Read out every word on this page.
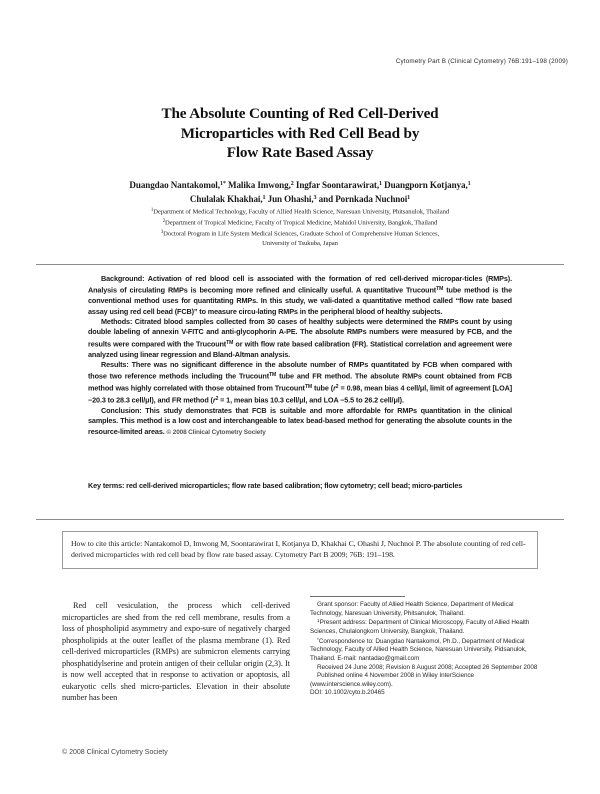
Cytometry Part B (Clinical Cytometry) 76B:191–198 (2009)
The Absolute Counting of Red Cell-Derived
Microparticles with Red Cell Bead by
Flow Rate Based Assay
Duangdao Nantakomol,$^{1*}$ Malika Imwong,$^2$ Ingfar Soontarawirat,$^1$ Duangporn Kotjanya,$^1$
Chulalak Khakhai,$^1$ Jun Ohashi,$^3$ and Pornkada Nuchnoi$^1$
$^1$Department of Medical Technology, Faculty of Allied Health Science, Naresuan University, Phitsanulok, Thailand
$^2$Department of Tropical Medicine, Faculty of Tropical Medicine, Mahidol University, Bangkok, Thailand
$^3$Doctoral Program in Life System Medical Sciences, Graduate School of Comprehensive Human Sciences,
University of Tsukuba, Japan

Background: Activation of red blood cell is associated with the formation of red cell-derived micropar-ticles (RMPs). Analysis of circulating RMPs is becoming more refined and clinically useful. A quantitative Trucount™ tube method is the conventional method uses for quantitating RMPs. In this study, we vali-dated a quantitative method called “flow rate based assay using red cell bead (FCB)” to measure circu-lating RMPs in the peripheral blood of healthy subjects.

Methods: Citrated blood samples collected from 30 cases of healthy subjects were determined the RMPs count by using double labeling of annexin V-FITC and anti-glycophorin A-PE. The absolute RMPs numbers were measured by FCB, and the results were compared with the Trucount™ or with flow rate based calibration (FR). Statistical correlation and agreement were analyzed using linear regression and Bland-Altman analysis.

Results: There was no significant difference in the absolute number of RMPs quantitated by FCB when compared with those two reference methods including the Trucount™ tube and FR method. The absolute RMPs count obtained from FCB method was highly correlated with those obtained from Trucount™ tube ($r^2 = 0.98$, mean bias 4 cell/μl, limit of agreement [LOA] −20.3 to 28.3 cell/μl), and FR method ($r^2 = 1$, mean bias 10.3 cell/μl, and LOA −5.5 to 26.2 cell/μl).

Conclusion: This study demonstrates that FCB is suitable and more affordable for RMPs quantitation in the clinical samples. This method is a low cost and interchangeable to latex bead-based method for generating the absolute counts in the resource-limited areas. © 2008 Clinical Cytometry Society

Key terms: red cell-derived microparticles; flow rate based calibration; flow cytometry; cell bead; micro-particles
How to cite this article: Nantakomol D, Imwong M, Soontarawirat I, Kotjanya D, Khakhai C, Ohashi J, Nuchnoi P. The absolute counting of red cell-derived microparticles with red cell bead by flow rate based assay. Cytometry Part B 2009; 76B: 191–198.

Red cell vesiculation, the process which cell-derived microparticles are shed from the red cell membrane, results from a loss of phospholipid asymmetry and expo-sure of negatively charged phospholipids at the outer leaflet of the plasma membrane (1). Red cell-derived microparticles (RMPs) are submicron elements carrying phosphatidylserine and protein antigen of their cellular origin (2,3). It is now well accepted that in response to activation or apoptosis, all eukaryotic cells shed micro-particles. Elevation in their absolute number has been

Grant sponsor: Faculty of Allied Health Science, Department of Medical Technology, Naresuan University, Phitsanulok, Thailand.

$^1$Present address: Department of Clinical Microscopy, Faculty of Allied Health Sciences, Chulalongkorn University, Bangkok, Thailand.

*Correspondence to: Duangdao Nantakomol, Ph.D., Department of Medical Technology, Faculty of Allied Health Science, Naresuan University, Pidsanulok, Thailand. E-mail: nantadao@gmail.com

Received 24 June 2008; Revision 8 August 2008; Accepted 26 September 2008

Published online 4 November 2008 in Wiley InterScience (www.interscience.wiley.com).

DOI: 10.1002/cyto.b.20465

© 2008 Clinical Cytometry Society
